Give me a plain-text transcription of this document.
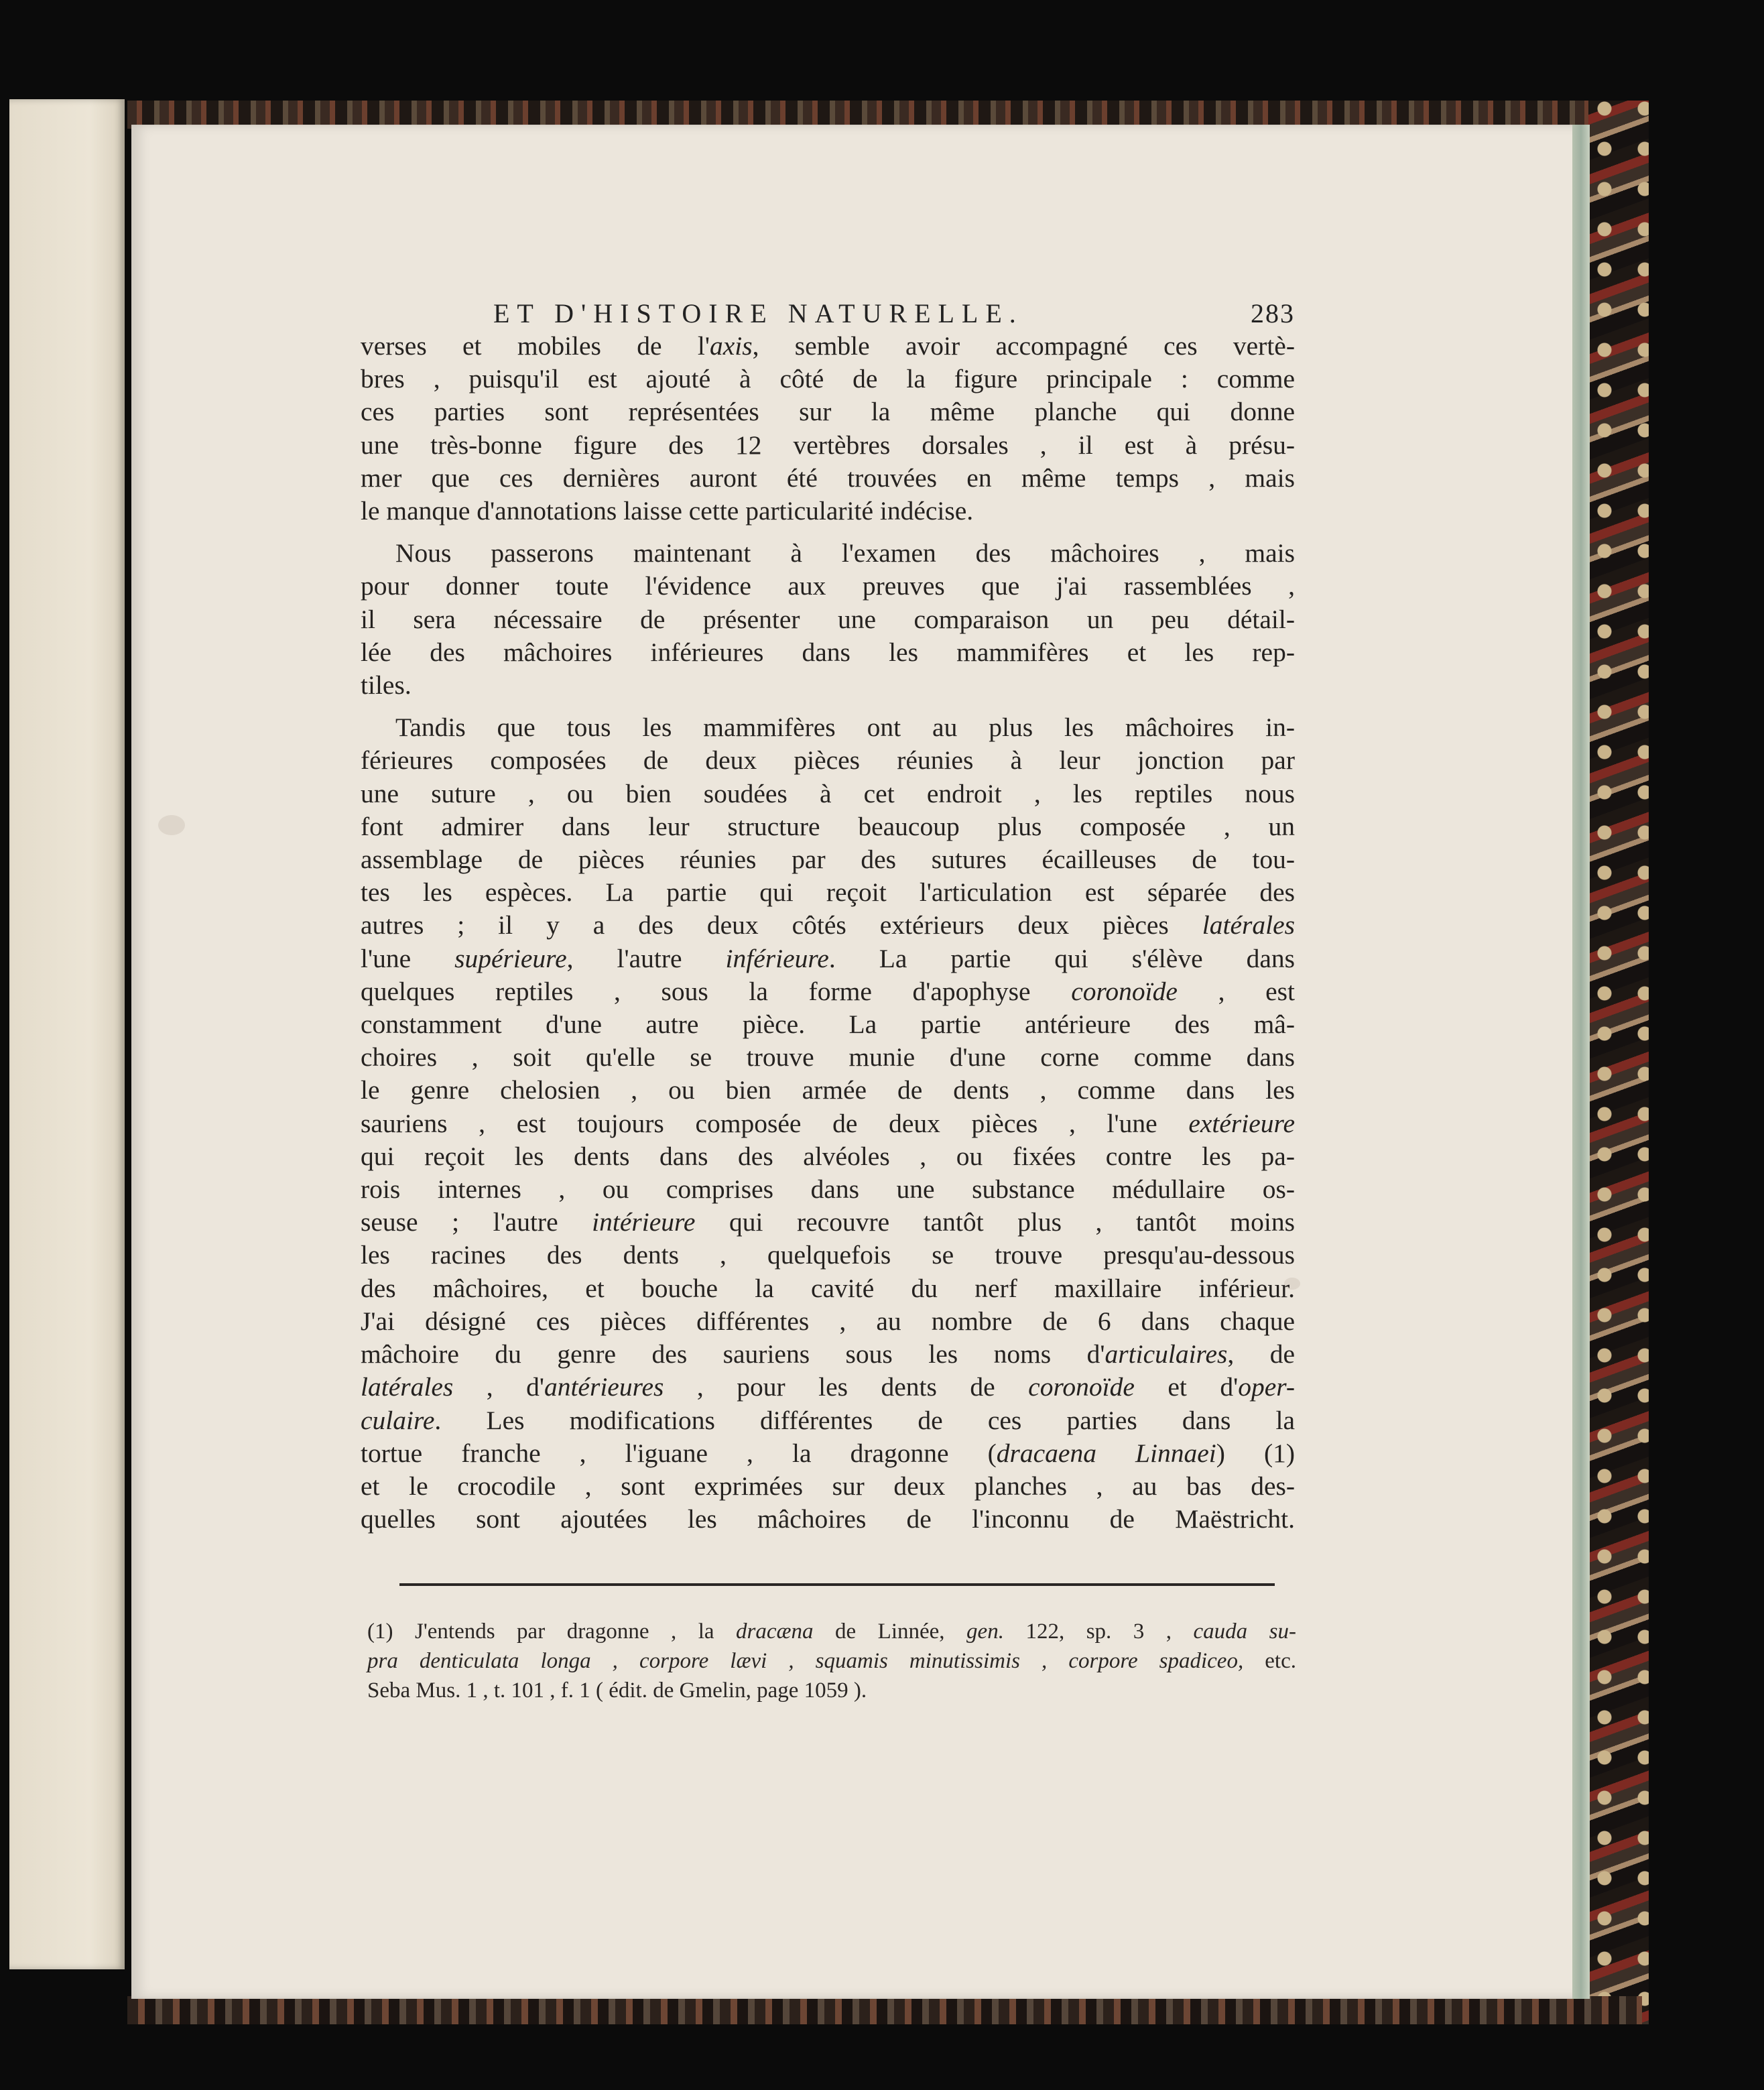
ET D'HISTOIRE NATURELLE.	283
verses et mobiles de l'axis, semble avoir accompagné ces vertè-
bres , puisqu'il est ajouté à côté de la figure principale : comme
ces parties sont représentées sur la même planche qui donne
une très-bonne figure des 12 vertèbres dorsales , il est à présu-
mer que ces dernières auront été trouvées en même temps , mais
le manque d'annotations laisse cette particularité indécise.
Nous passerons maintenant à l'examen des mâchoires , mais
pour donner toute l'évidence aux preuves que j'ai rassemblées ,
il sera nécessaire de présenter une comparaison un peu détail-
lée des mâchoires inférieures dans les mammifères et les rep-
tiles.
Tandis que tous les mammifères ont au plus les mâchoires in-
férieures composées de deux pièces réunies à leur jonction par
une suture , ou bien soudées à cet endroit , les reptiles nous
font admirer dans leur structure beaucoup plus composée , un
assemblage de pièces réunies par des sutures écailleuses de tou-
tes les espèces. La partie qui reçoit l'articulation est séparée des
autres ; il y a des deux côtés extérieurs deux pièces latérales
l'une supérieure, l'autre inférieure. La partie qui s'élève dans
quelques reptiles , sous la forme d'apophyse coronoïde , est
constamment d'une autre pièce. La partie antérieure des mâ-
choires , soit qu'elle se trouve munie d'une corne comme dans
le genre chelosien , ou bien armée de dents , comme dans les
sauriens , est toujours composée de deux pièces , l'une extérieure
qui reçoit les dents dans des alvéoles , ou fixées contre les pa-
rois internes , ou comprises dans une substance médullaire os-
seuse ; l'autre intérieure qui recouvre tantôt plus , tantôt moins
les racines des dents , quelquefois se trouve presqu'au-dessous
des mâchoires, et bouche la cavité du nerf maxillaire inférieur.
J'ai désigné ces pièces différentes , au nombre de 6 dans chaque
mâchoire du genre des sauriens sous les noms d'articulaires, de
latérales , d'antérieures , pour les dents de coronoïde et d'oper-
culaire. Les modifications différentes de ces parties dans la
tortue franche , l'iguane , la dragonne (dracaena Linnaei) (1)
et le crocodile , sont exprimées sur deux planches , au bas des-
quelles sont ajoutées les mâchoires de l'inconnu de Maëstricht.
(1) J'entends par dragonne , la dracæna de Linnée, gen. 122, sp. 3 , cauda su-
pra denticulata longa , corpore lævi , squamis minutissimis , corpore spadiceo, etc.
Seba Mus. 1 , t. 101 , f. 1 ( édit. de Gmelin, page 1059 ).
